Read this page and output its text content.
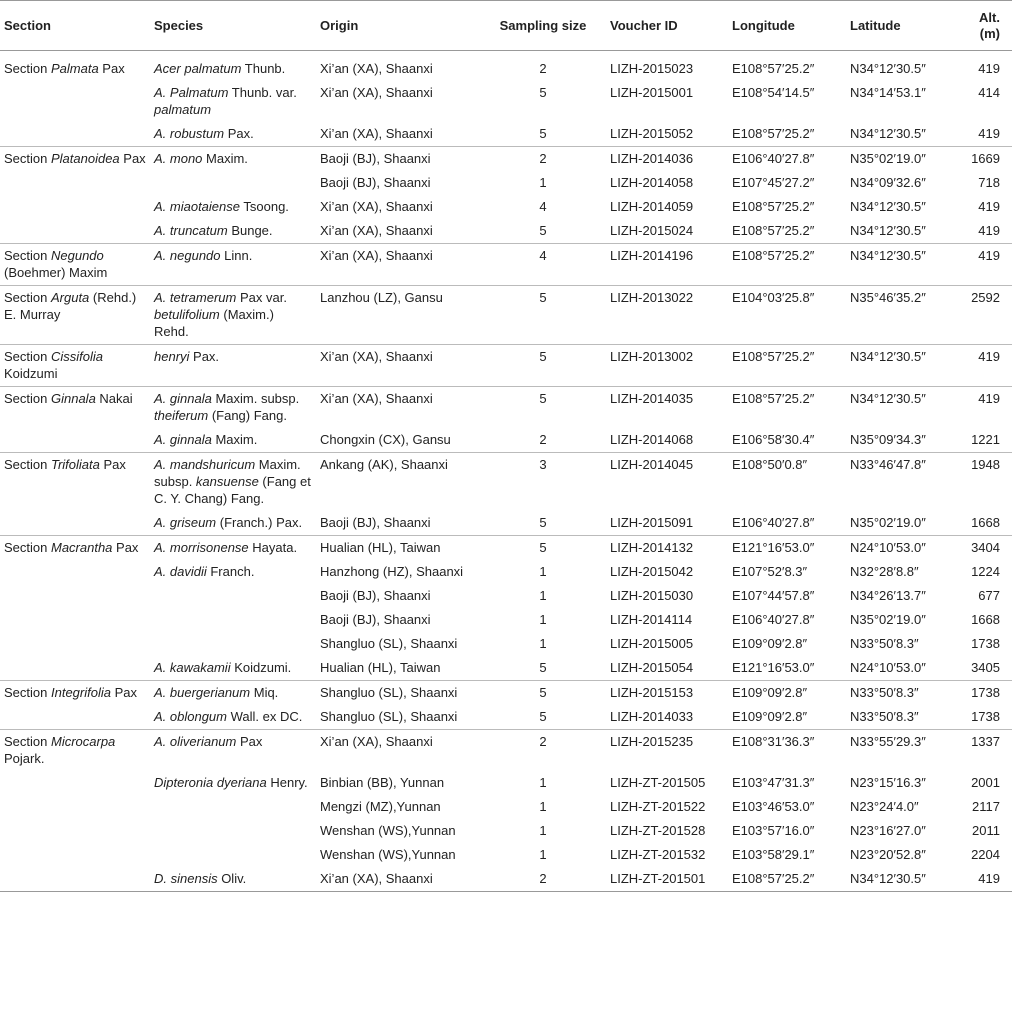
Section	Species	Origin	Sampling size	Voucher ID	Longitude	Latitude	Alt. (m)
Section Palmata Pax	Acer palmatum Thunb.	Xi’an (XA), Shaanxi	2	LIZH-2015023	E108°57′25.2″	N34°12′30.5″	419
	A. Palmatum Thunb. var. palmatum	Xi’an (XA), Shaanxi	5	LIZH-2015001	E108°54′14.5″	N34°14′53.1″	414
	A. robustum Pax.	Xi’an (XA), Shaanxi	5	LIZH-2015052	E108°57′25.2″	N34°12′30.5″	419
Section Platanoidea Pax	A. mono Maxim.	Baoji (BJ), Shaanxi	2	LIZH-2014036	E106°40′27.8″	N35°02′19.0″	1669
		Baoji (BJ), Shaanxi	1	LIZH-2014058	E107°45′27.2″	N34°09′32.6″	718
	A. miaotaiense Tsoong.	Xi’an (XA), Shaanxi	4	LIZH-2014059	E108°57′25.2″	N34°12′30.5″	419
	A. truncatum Bunge.	Xi’an (XA), Shaanxi	5	LIZH-2015024	E108°57′25.2″	N34°12′30.5″	419
Section Negundo (Boehmer) Maxim	A. negundo Linn.	Xi’an (XA), Shaanxi	4	LIZH-2014196	E108°57′25.2″	N34°12′30.5″	419
Section Arguta (Rehd.) E. Murray	A. tetramerum Pax var. betulifolium (Maxim.) Rehd.	Lanzhou (LZ), Gansu	5	LIZH-2013022	E104°03′25.8″	N35°46′35.2″	2592
Section Cissifolia Koidzumi	henryi Pax.	Xi’an (XA), Shaanxi	5	LIZH-2013002	E108°57′25.2″	N34°12′30.5″	419
Section Ginnala Nakai	A. ginnala Maxim. subsp. theiferum (Fang) Fang.	Xi’an (XA), Shaanxi	5	LIZH-2014035	E108°57′25.2″	N34°12′30.5″	419
	A. ginnala Maxim.	Chongxin (CX), Gansu	2	LIZH-2014068	E106°58′30.4″	N35°09′34.3″	1221
Section Trifoliata Pax	A. mandshuricum Maxim. subsp. kansuense (Fang et C. Y. Chang) Fang.	Ankang (AK), Shaanxi	3	LIZH-2014045	E108°50′0.8″	N33°46′47.8″	1948
	A. griseum (Franch.) Pax.	Baoji (BJ), Shaanxi	5	LIZH-2015091	E106°40′27.8″	N35°02′19.0″	1668
Section Macrantha Pax	A. morrisonense Hayata.	Hualian (HL), Taiwan	5	LIZH-2014132	E121°16′53.0″	N24°10′53.0″	3404
	A. davidii Franch.	Hanzhong (HZ), Shaanxi	1	LIZH-2015042	E107°52′8.3″	N32°28′8.8″	1224
		Baoji (BJ), Shaanxi	1	LIZH-2015030	E107°44′57.8″	N34°26′13.7″	677
		Baoji (BJ), Shaanxi	1	LIZH-2014114	E106°40′27.8″	N35°02′19.0″	1668
		Shangluo (SL), Shaanxi	1	LIZH-2015005	E109°09′2.8″	N33°50′8.3″	1738
	A. kawakamii Koidzumi.	Hualian (HL), Taiwan	5	LIZH-2015054	E121°16′53.0″	N24°10′53.0″	3405
Section Integrifolia Pax	A. buergerianum Miq.	Shangluo (SL), Shaanxi	5	LIZH-2015153	E109°09′2.8″	N33°50′8.3″	1738
	A. oblongum Wall. ex DC.	Shangluo (SL), Shaanxi	5	LIZH-2014033	E109°09′2.8″	N33°50′8.3″	1738
Section Microcarpa Pojark.	A. oliverianum Pax	Xi’an (XA), Shaanxi	2	LIZH-2015235	E108°31′36.3″	N33°55′29.3″	1337
	Dipteronia dyeriana Henry.	Binbian (BB), Yunnan	1	LIZH-ZT-201505	E103°47′31.3″	N23°15′16.3″	2001
		Mengzi (MZ),Yunnan	1	LIZH-ZT-201522	E103°46′53.0″	N23°24′4.0″	2117
		Wenshan (WS),Yunnan	1	LIZH-ZT-201528	E103°57′16.0″	N23°16′27.0″	2011
		Wenshan (WS),Yunnan	1	LIZH-ZT-201532	E103°58′29.1″	N23°20′52.8″	2204
	D. sinensis Oliv.	Xi’an (XA), Shaanxi	2	LIZH-ZT-201501	E108°57′25.2″	N34°12′30.5″	419
